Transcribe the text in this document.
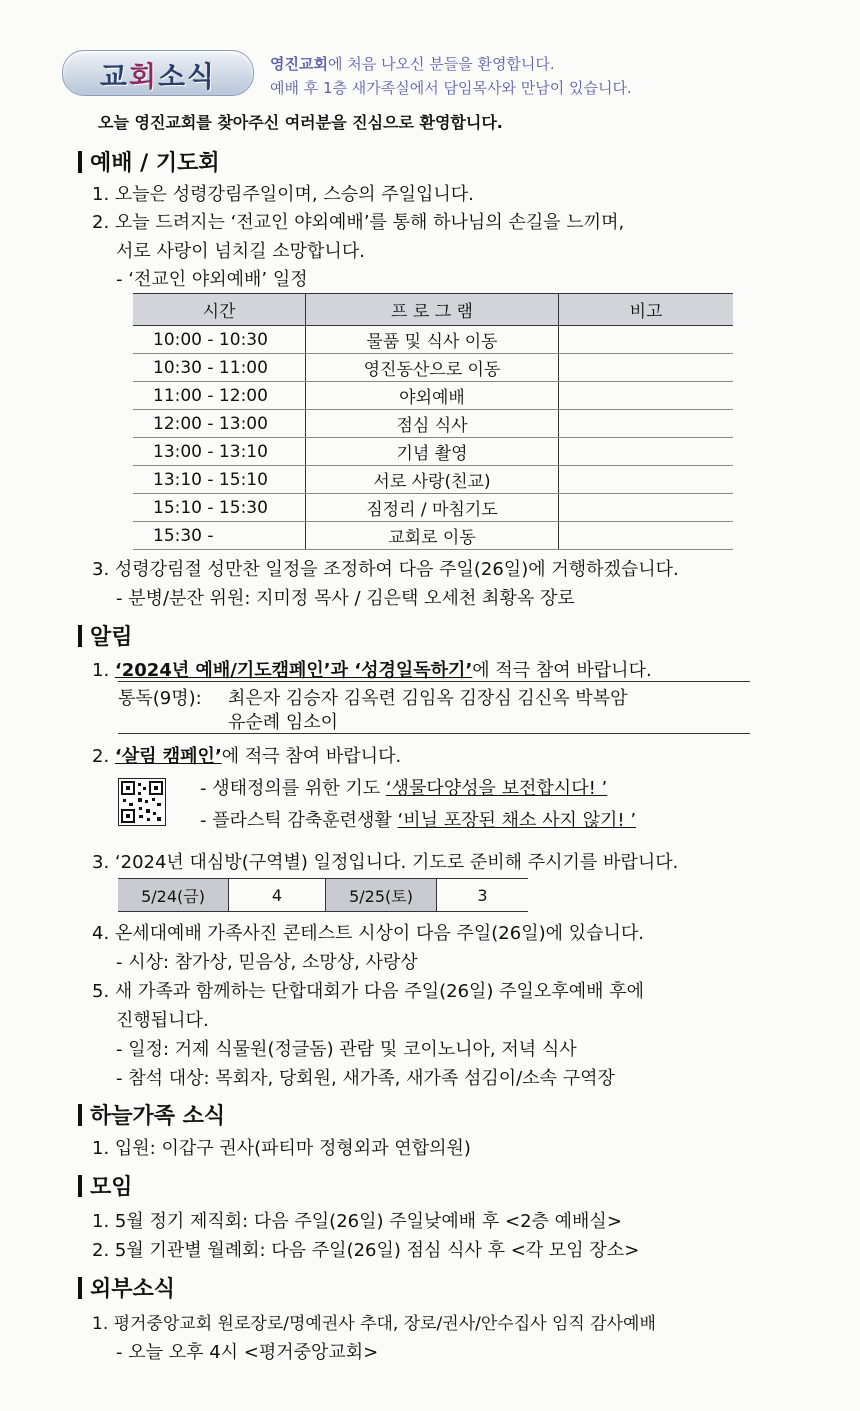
교회소식	영진교회에 처음 나오신 분들을 환영합니다.
예배 후 1층 새가족실에서 담임목사와 만남이 있습니다.
오늘 영진교회를 찾아주신 여러분을 진심으로 환영합니다.
예배 / 기도회
1. 오늘은 성령강림주일이며, 스승의 주일입니다.
2. 오늘 드려지는 ‘전교인 야외예배’를 통해 하나님의 손길을 느끼며,
서로 사랑이 넘치길 소망합니다.
- ‘전교인 야외예배’ 일정
시간	프 로 그 램	비고
10:00 - 10:30	물품 및 식사 이동	
10:30 - 11:00	영진동산으로 이동	
11:00 - 12:00	야외예배	
12:00 - 13:00	점심 식사	
13:00 - 13:10	기념 촬영	
13:10 - 15:10	서로 사랑(친교)	
15:10 - 15:30	짐정리 / 마침기도	
15:30 -	교회로 이동	
3. 성령강림절 성만찬 일정을 조정하여 다음 주일(26일)에 거행하겠습니다.
- 분병/분잔 위원: 지미정 목사 / 김은택 오세천 최황옥 장로
알림
1. ‘2024년 예배/기도캠페인’과 ‘성경일독하기’에 적극 참여 바랍니다.
통독(9명): 최은자 김승자 김옥련 김임옥 김장심 김신옥 박복암
유순례 임소이
2. ‘살림 캠페인’에 적극 참여 바랍니다.
- 생태정의를 위한 기도 ‘생물다양성을 보전합시다! ’
- 플라스틱 감축훈련생활 ‘비닐 포장된 채소 사지 않기! ’
3. ‘2024년 대심방(구역별) 일정입니다. 기도로 준비해 주시기를 바랍니다.
5/24(금)	4	5/25(토)	3
4. 온세대예배 가족사진 콘테스트 시상이 다음 주일(26일)에 있습니다.
- 시상: 참가상, 믿음상, 소망상, 사랑상
5. 새 가족과 함께하는 단합대회가 다음 주일(26일) 주일오후예배 후에
진행됩니다.
- 일정: 거제 식물원(정글돔) 관람 및 코이노니아, 저녁 식사
- 참석 대상: 목회자, 당회원, 새가족, 새가족 섬김이/소속 구역장
하늘가족 소식
1. 입원: 이갑구 권사(파티마 정형외과 연합의원)
모임
1. 5월 정기 제직회: 다음 주일(26일) 주일낮예배 후 <2층 예배실>
2. 5월 기관별 월례회: 다음 주일(26일) 점심 식사 후 <각 모임 장소>
외부소식
1. 평거중앙교회 원로장로/명예권사 추대, 장로/권사/안수집사 임직 감사예배
- 오늘 오후 4시 <평거중앙교회>
